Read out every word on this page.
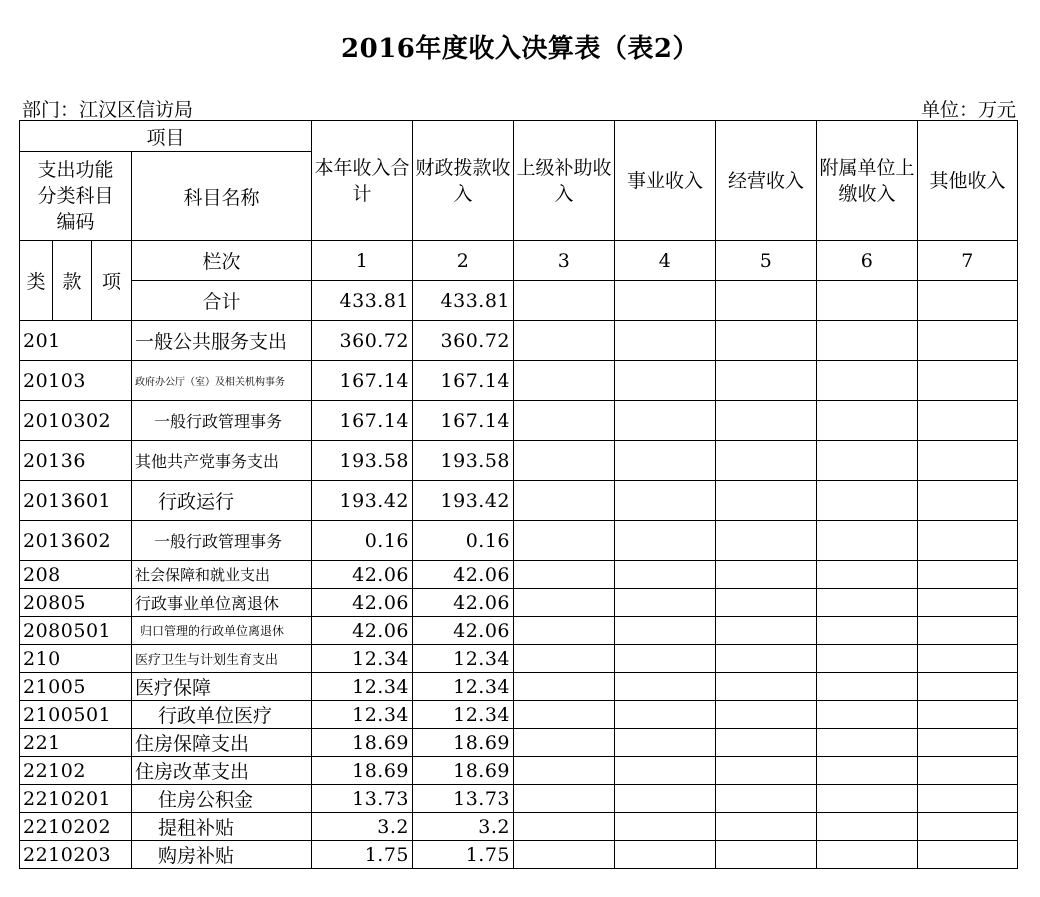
2016年度收入决算表（表2）
部门：江汉区信访局	单位：万元
项目				本年收入合计	财政拨款收入	上级补助收入	事业收入	经营收入	附属单位上缴收入	其他收入
支出功能分类科目编码			科目名称							
类	款	项	栏次	1	2	3	4	5	6	7
			合计	433.81	433.81					
201			一般公共服务支出	360.72	360.72					
20103			政府办公厅（室）及相关机构事务	167.14	167.14					
2010302			一般行政管理事务	167.14	167.14					
20136			其他共产党事务支出	193.58	193.58					
2013601			行政运行	193.42	193.42					
2013602			一般行政管理事务	0.16	0.16					
208			社会保障和就业支出	42.06	42.06					
20805			行政事业单位离退休	42.06	42.06					
2080501			归口管理的行政单位离退休	42.06	42.06					
210			医疗卫生与计划生育支出	12.34	12.34					
21005			医疗保障	12.34	12.34					
2100501			行政单位医疗	12.34	12.34					
221			住房保障支出	18.69	18.69					
22102			住房改革支出	18.69	18.69					
2210201			住房公积金	13.73	13.73					
2210202			提租补贴	3.2	3.2					
2210203			购房补贴	1.75	1.75					
